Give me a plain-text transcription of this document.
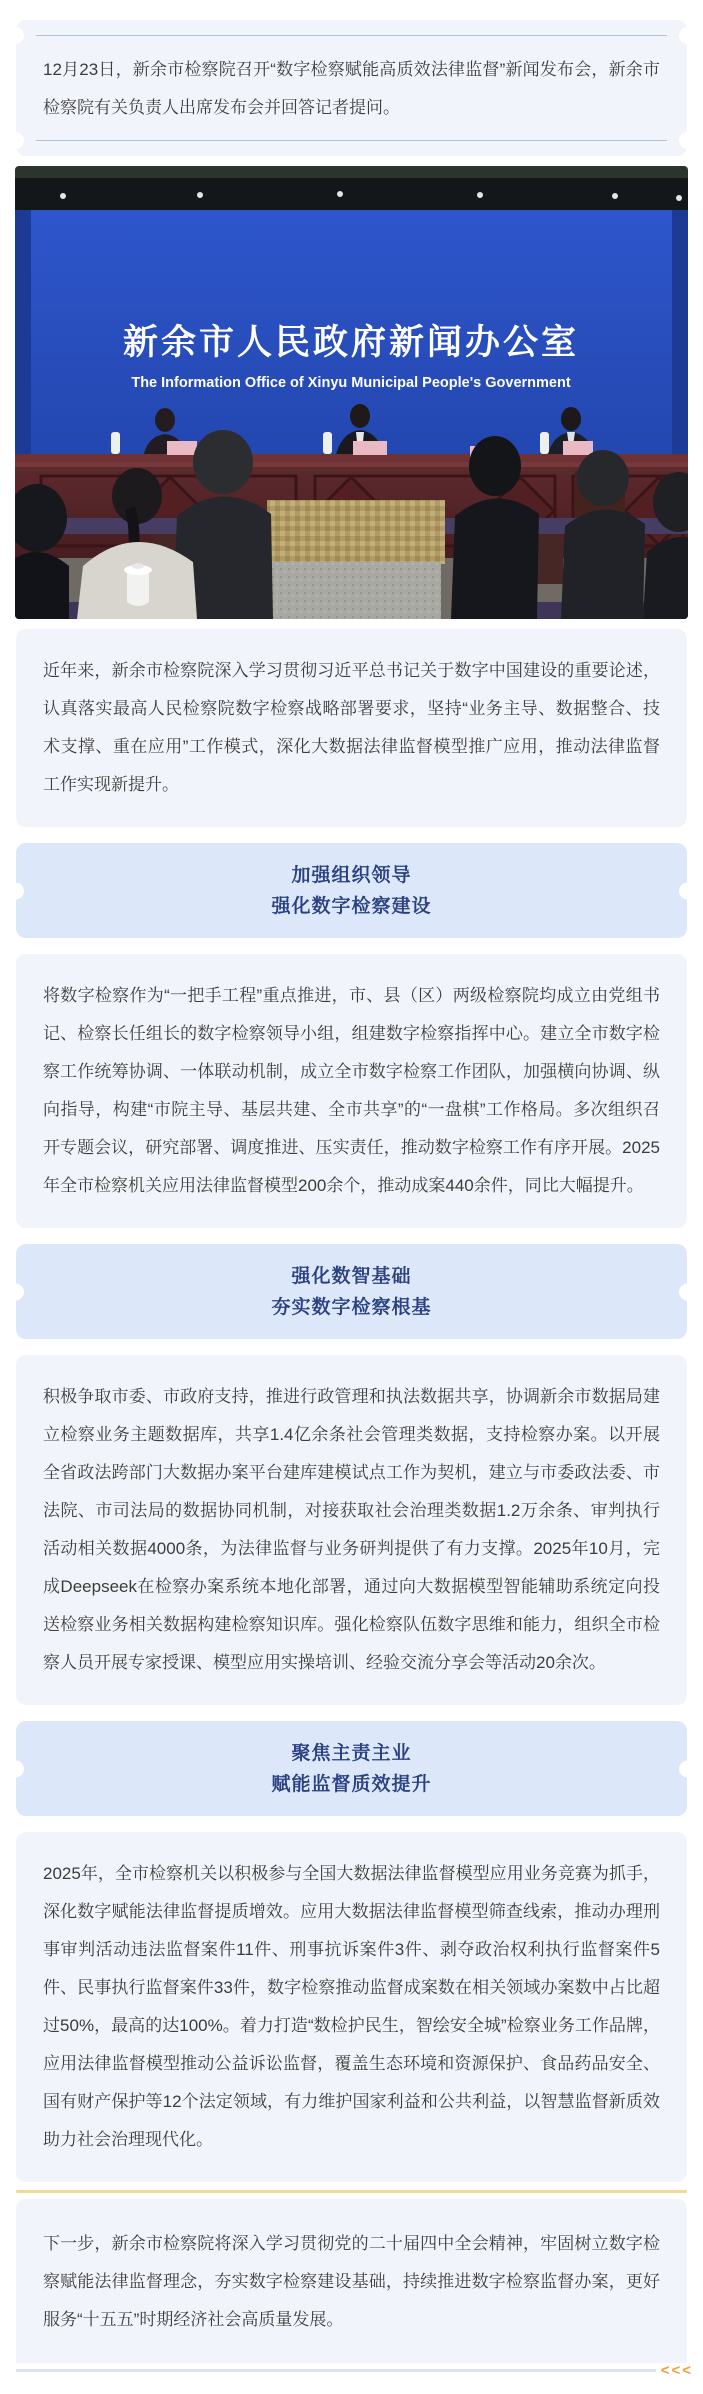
12月23日，新余市检察院召开“数字检察赋能高质效法律监督”新闻发布会，新余市检察院有关负责人出席发布会并回答记者提问。

新余市人民政府新闻办公室
The Information Office of Xinyu Municipal People's Government

近年来，新余市检察院深入学习贯彻习近平总书记关于数字中国建设的重要论述，认真落实最高人民检察院数字检察战略部署要求，坚持“业务主导、数据整合、技术支撑、重在应用”工作模式，深化大数据法律监督模型推广应用，推动法律监督工作实现新提升。

加强组织领导
强化数字检察建设

将数字检察作为“一把手工程”重点推进，市、县（区）两级检察院均成立由党组书记、检察长任组长的数字检察领导小组，组建数字检察指挥中心。建立全市数字检察工作统筹协调、一体联动机制，成立全市数字检察工作团队，加强横向协调、纵向指导，构建“市院主导、基层共建、全市共享”的“一盘棋”工作格局。多次组织召开专题会议，研究部署、调度推进、压实责任，推动数字检察工作有序开展。2025年全市检察机关应用法律监督模型200余个，推动成案440余件，同比大幅提升。

强化数智基础
夯实数字检察根基

积极争取市委、市政府支持，推进行政管理和执法数据共享，协调新余市数据局建立检察业务主题数据库，共享1.4亿余条社会管理类数据，支持检察办案。以开展全省政法跨部门大数据办案平台建库建模试点工作为契机，建立与市委政法委、市法院、市司法局的数据协同机制，对接获取社会治理类数据1.2万余条、审判执行活动相关数据4000条，为法律监督与业务研判提供了有力支撑。2025年10月，完成Deepseek在检察办案系统本地化部署，通过向大数据模型智能辅助系统定向投送检察业务相关数据构建检察知识库。强化检察队伍数字思维和能力，组织全市检察人员开展专家授课、模型应用实操培训、经验交流分享会等活动20余次。

聚焦主责主业
赋能监督质效提升

2025年，全市检察机关以积极参与全国大数据法律监督模型应用业务竞赛为抓手，深化数字赋能法律监督提质增效。应用大数据法律监督模型筛查线索，推动办理刑事审判活动违法监督案件11件、刑事抗诉案件3件、剥夺政治权利执行监督案件5件、民事执行监督案件33件，数字检察推动监督成案数在相关领域办案数中占比超过50%，最高的达100%。着力打造“数检护民生，智绘安全城”检察业务工作品牌，应用法律监督模型推动公益诉讼监督，覆盖生态环境和资源保护、食品药品安全、国有财产保护等12个法定领域，有力维护国家利益和公共利益，以智慧监督新质效助力社会治理现代化。

下一步，新余市检察院将深入学习贯彻党的二十届四中全会精神，牢固树立数字检察赋能法律监督理念，夯实数字检察建设基础，持续推进数字检察监督办案，更好服务“十五五”时期经济社会高质量发展。

<<<
